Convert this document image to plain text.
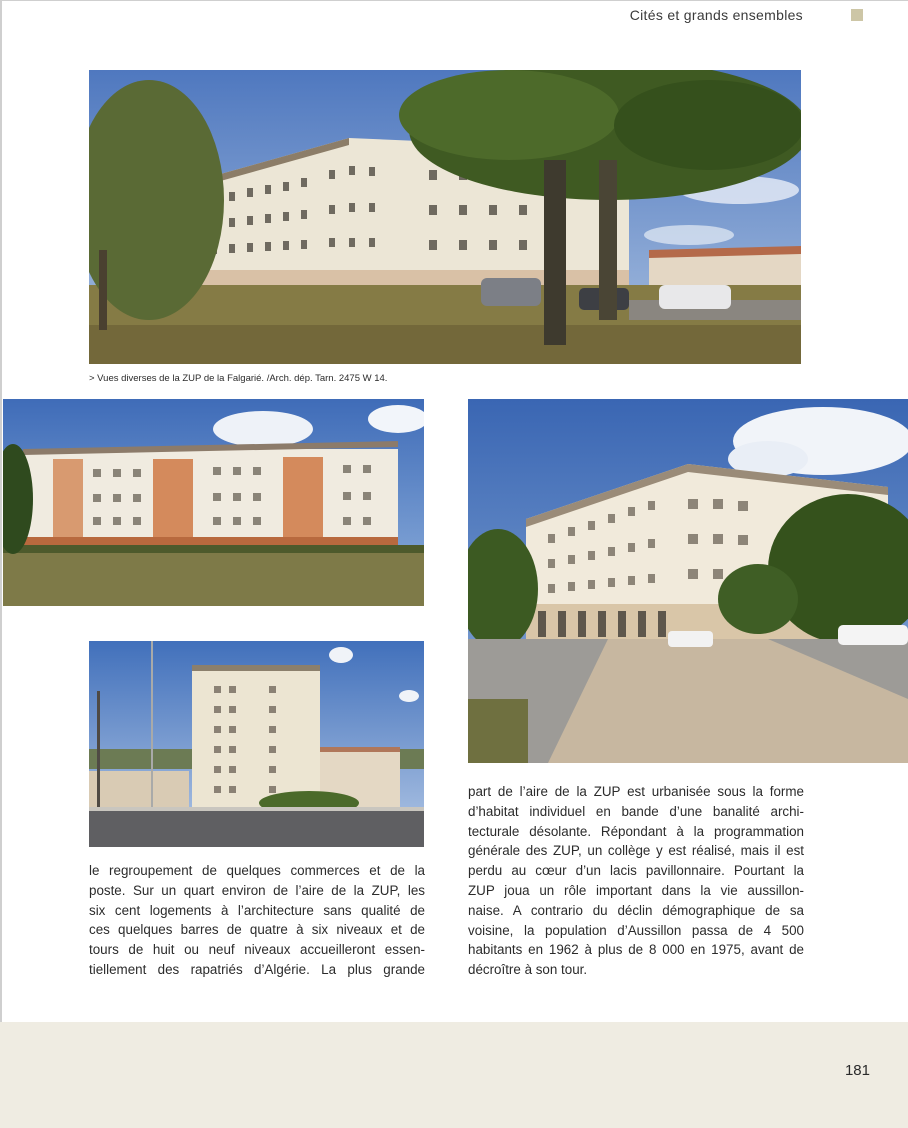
Cités et grands ensembles
> Vues diverses de la ZUP de la Falgarié. /Arch. dép. Tarn. 2475 W 14.
le regroupement de quelques commerces et de la
poste. Sur un quart environ de l’aire de la ZUP, les
six cent logements à l’architecture sans qualité de
ces quelques barres de quatre à six niveaux et de
tours de huit ou neuf niveaux accueilleront essen-
tiellement des rapatriés d’Algérie. La plus grande
part de l’aire de la ZUP est urbanisée sous la forme
d’habitat individuel en bande d’une banalité archi-
tecturale désolante. Répondant à la programmation
générale des ZUP, un collège y est réalisé, mais il est
perdu au cœur d’un lacis pavillonnaire. Pourtant la
ZUP joua un rôle important dans la vie aussillon-
naise. A contrario du déclin démographique de sa
voisine, la population d’Aussillon passa de 4 500
habitants en 1962 à plus de 8 000 en 1975, avant de
décroître à son tour.
181
